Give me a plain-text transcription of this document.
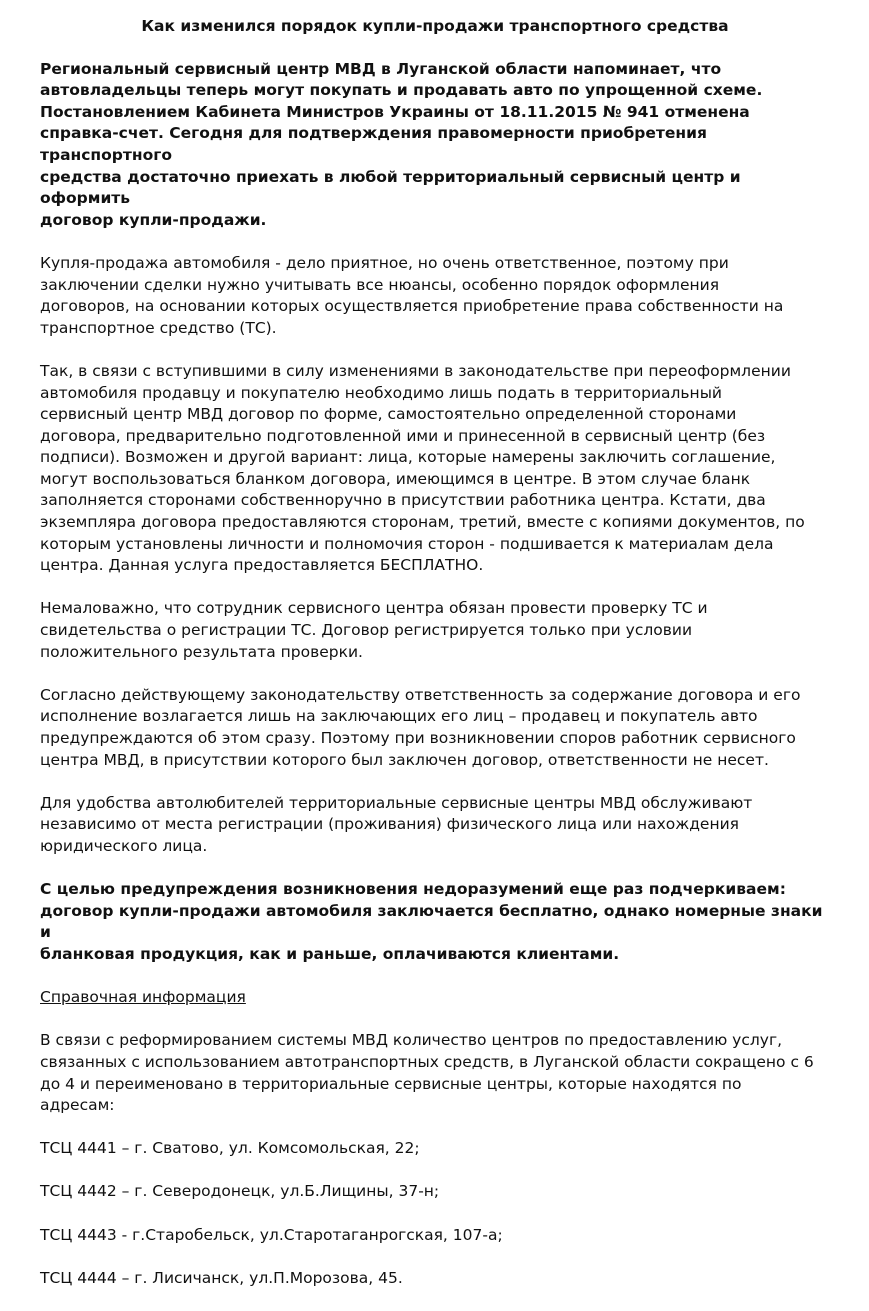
Как изменился порядок купли-продажи транспортного средства

Региональный сервисный центр МВД в Луганской области напоминает, что
автовладельцы теперь могут покупать и продавать авто по упрощенной схеме.
Постановлением Кабинета Министров Украины от 18.11.2015 № 941 отменена
справка-счет. Сегодня для подтверждения правомерности приобретения транспортного
средства достаточно приехать в любой территориальный сервисный центр и оформить
договор купли-продажи.

Купля-продажа автомобиля - дело приятное, но очень ответственное, поэтому при
заключении сделки нужно учитывать все нюансы, особенно порядок оформления
договоров, на основании которых осуществляется приобретение права собственности на
транспортное средство (ТС).

Так, в связи с вступившими в силу изменениями в законодательстве при переоформлении
автомобиля продавцу и покупателю необходимо лишь подать в территориальный
сервисный центр МВД договор по форме, самостоятельно определенной сторонами
договора, предварительно подготовленной ими и принесенной в сервисный центр (без
подписи). Возможен и другой вариант: лица, которые намерены заключить соглашение,
могут воспользоваться бланком договора, имеющимся в центре. В этом случае бланк
заполняется сторонами собственноручно в присутствии работника центра. Кстати, два
экземпляра договора предоставляются сторонам, третий, вместе с копиями документов, по
которым установлены личности и полномочия сторон - подшивается к материалам дела
центра. Данная услуга предоставляется БЕСПЛАТНО.

Немаловажно, что сотрудник сервисного центра обязан провести проверку ТС и
свидетельства о регистрации ТС. Договор регистрируется только при условии
положительного результата проверки.

Согласно действующему законодательству ответственность за содержание договора и его
исполнение возлагается лишь на заключающих его лиц – продавец и покупатель авто
предупреждаются об этом сразу. Поэтому при возникновении споров работник сервисного
центра МВД, в присутствии которого был заключен договор, ответственности не несет.

Для удобства автолюбителей территориальные сервисные центры МВД обслуживают
независимо от места регистрации (проживания) физического лица или нахождения
юридического лица.

С целью предупреждения возникновения недоразумений еще раз подчеркиваем:
договор купли-продажи автомобиля заключается бесплатно, однако номерные знаки и
бланковая продукция, как и раньше, оплачиваются клиентами.

Справочная информация

В связи с реформированием системы МВД количество центров по предоставлению услуг,
связанных с использованием автотранспортных средств, в Луганской области сокращено с 6
до 4 и переименовано в территориальные сервисные центры, которые находятся по
адресам:

ТСЦ 4441 – г. Сватово, ул. Комсомольская, 22;
ТСЦ 4442 – г. Северодонецк, ул.Б.Лищины, 37-н;
ТСЦ 4443 - г.Старобельск, ул.Старотаганрогская, 107-а;
ТСЦ 4444 – г. Лисичанск, ул.П.Морозова, 45.
